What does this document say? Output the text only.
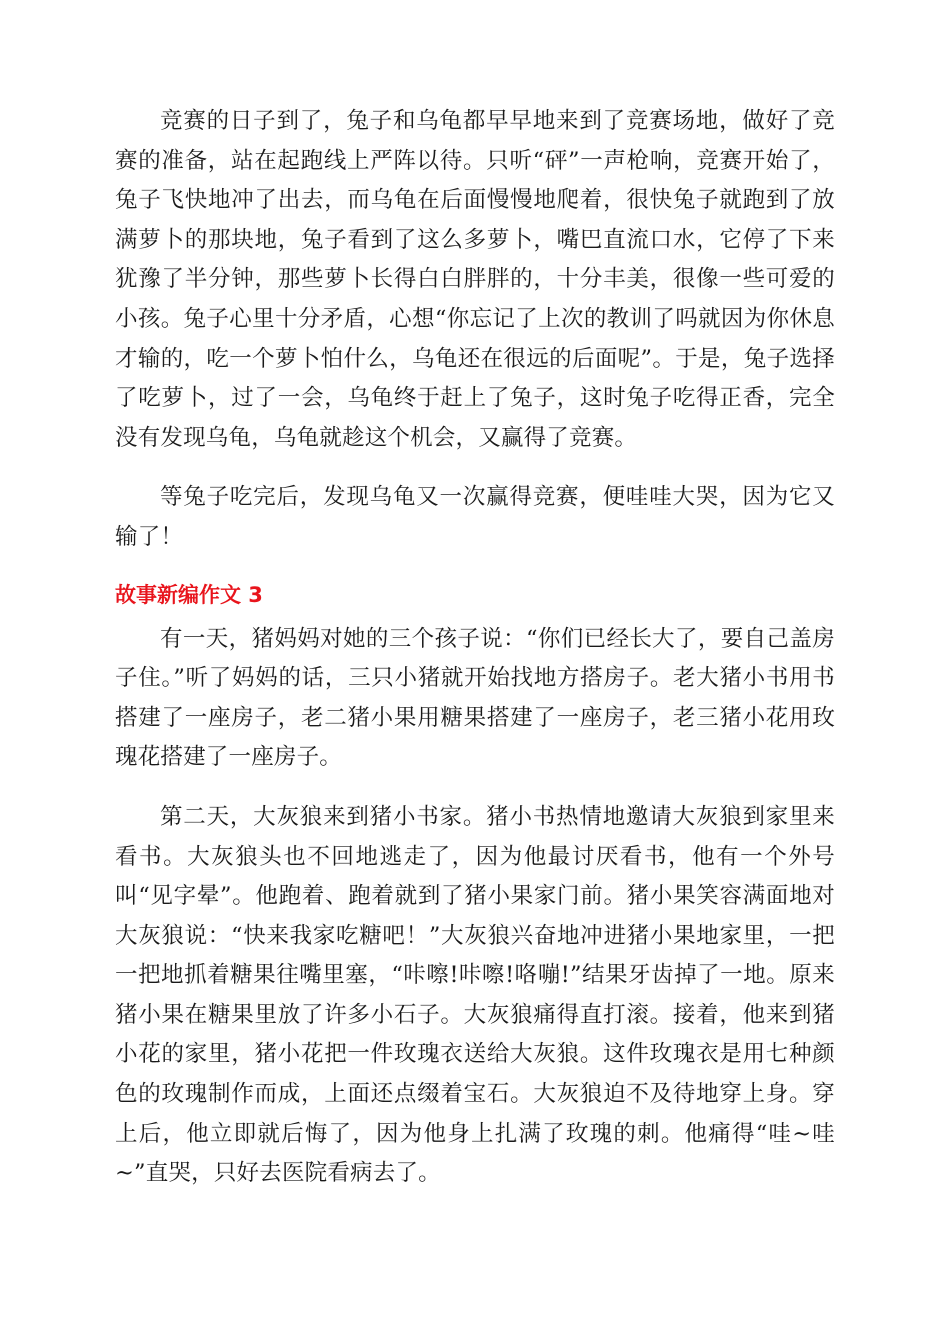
竞赛的日子到了，兔子和乌龟都早早地来到了竞赛场地，做好了竞赛的准备，站在起跑线上严阵以待。只听“砰”一声枪响，竞赛开始了，兔子飞快地冲了出去，而乌龟在后面慢慢地爬着，很快兔子就跑到了放满萝卜的那块地，兔子看到了这么多萝卜，嘴巴直流口水，它停了下来犹豫了半分钟，那些萝卜长得白白胖胖的，十分丰美，很像一些可爱的小孩。兔子心里十分矛盾，心想“你忘记了上次的教训了吗就因为你休息才输的，吃一个萝卜怕什么，乌龟还在很远的后面呢”。于是，兔子选择了吃萝卜，过了一会，乌龟终于赶上了兔子，这时兔子吃得正香，完全没有发现乌龟，乌龟就趁这个机会，又赢得了竞赛。

等兔子吃完后，发现乌龟又一次赢得竞赛，便哇哇大哭，因为它又输了！

故事新编作文 3

有一天，猪妈妈对她的三个孩子说：“你们已经长大了，要自己盖房子住。”听了妈妈的话，三只小猪就开始找地方搭房子。老大猪小书用书搭建了一座房子，老二猪小果用糖果搭建了一座房子，老三猪小花用玫瑰花搭建了一座房子。

第二天，大灰狼来到猪小书家。猪小书热情地邀请大灰狼到家里来看书。大灰狼头也不回地逃走了，因为他最讨厌看书，他有一个外号叫“见字晕”。他跑着、跑着就到了猪小果家门前。猪小果笑容满面地对大灰狼说：“快来我家吃糖吧！”大灰狼兴奋地冲进猪小果地家里，一把一把地抓着糖果往嘴里塞，“咔嚓!咔嚓!咯嘣!”结果牙齿掉了一地。原来猪小果在糖果里放了许多小石子。大灰狼痛得直打滚。接着，他来到猪小花的家里，猪小花把一件玫瑰衣送给大灰狼。这件玫瑰衣是用七种颜色的玫瑰制作而成，上面还点缀着宝石。大灰狼迫不及待地穿上身。穿上后，他立即就后悔了，因为他身上扎满了玫瑰的刺。他痛得“哇~哇~”直哭，只好去医院看病去了。
